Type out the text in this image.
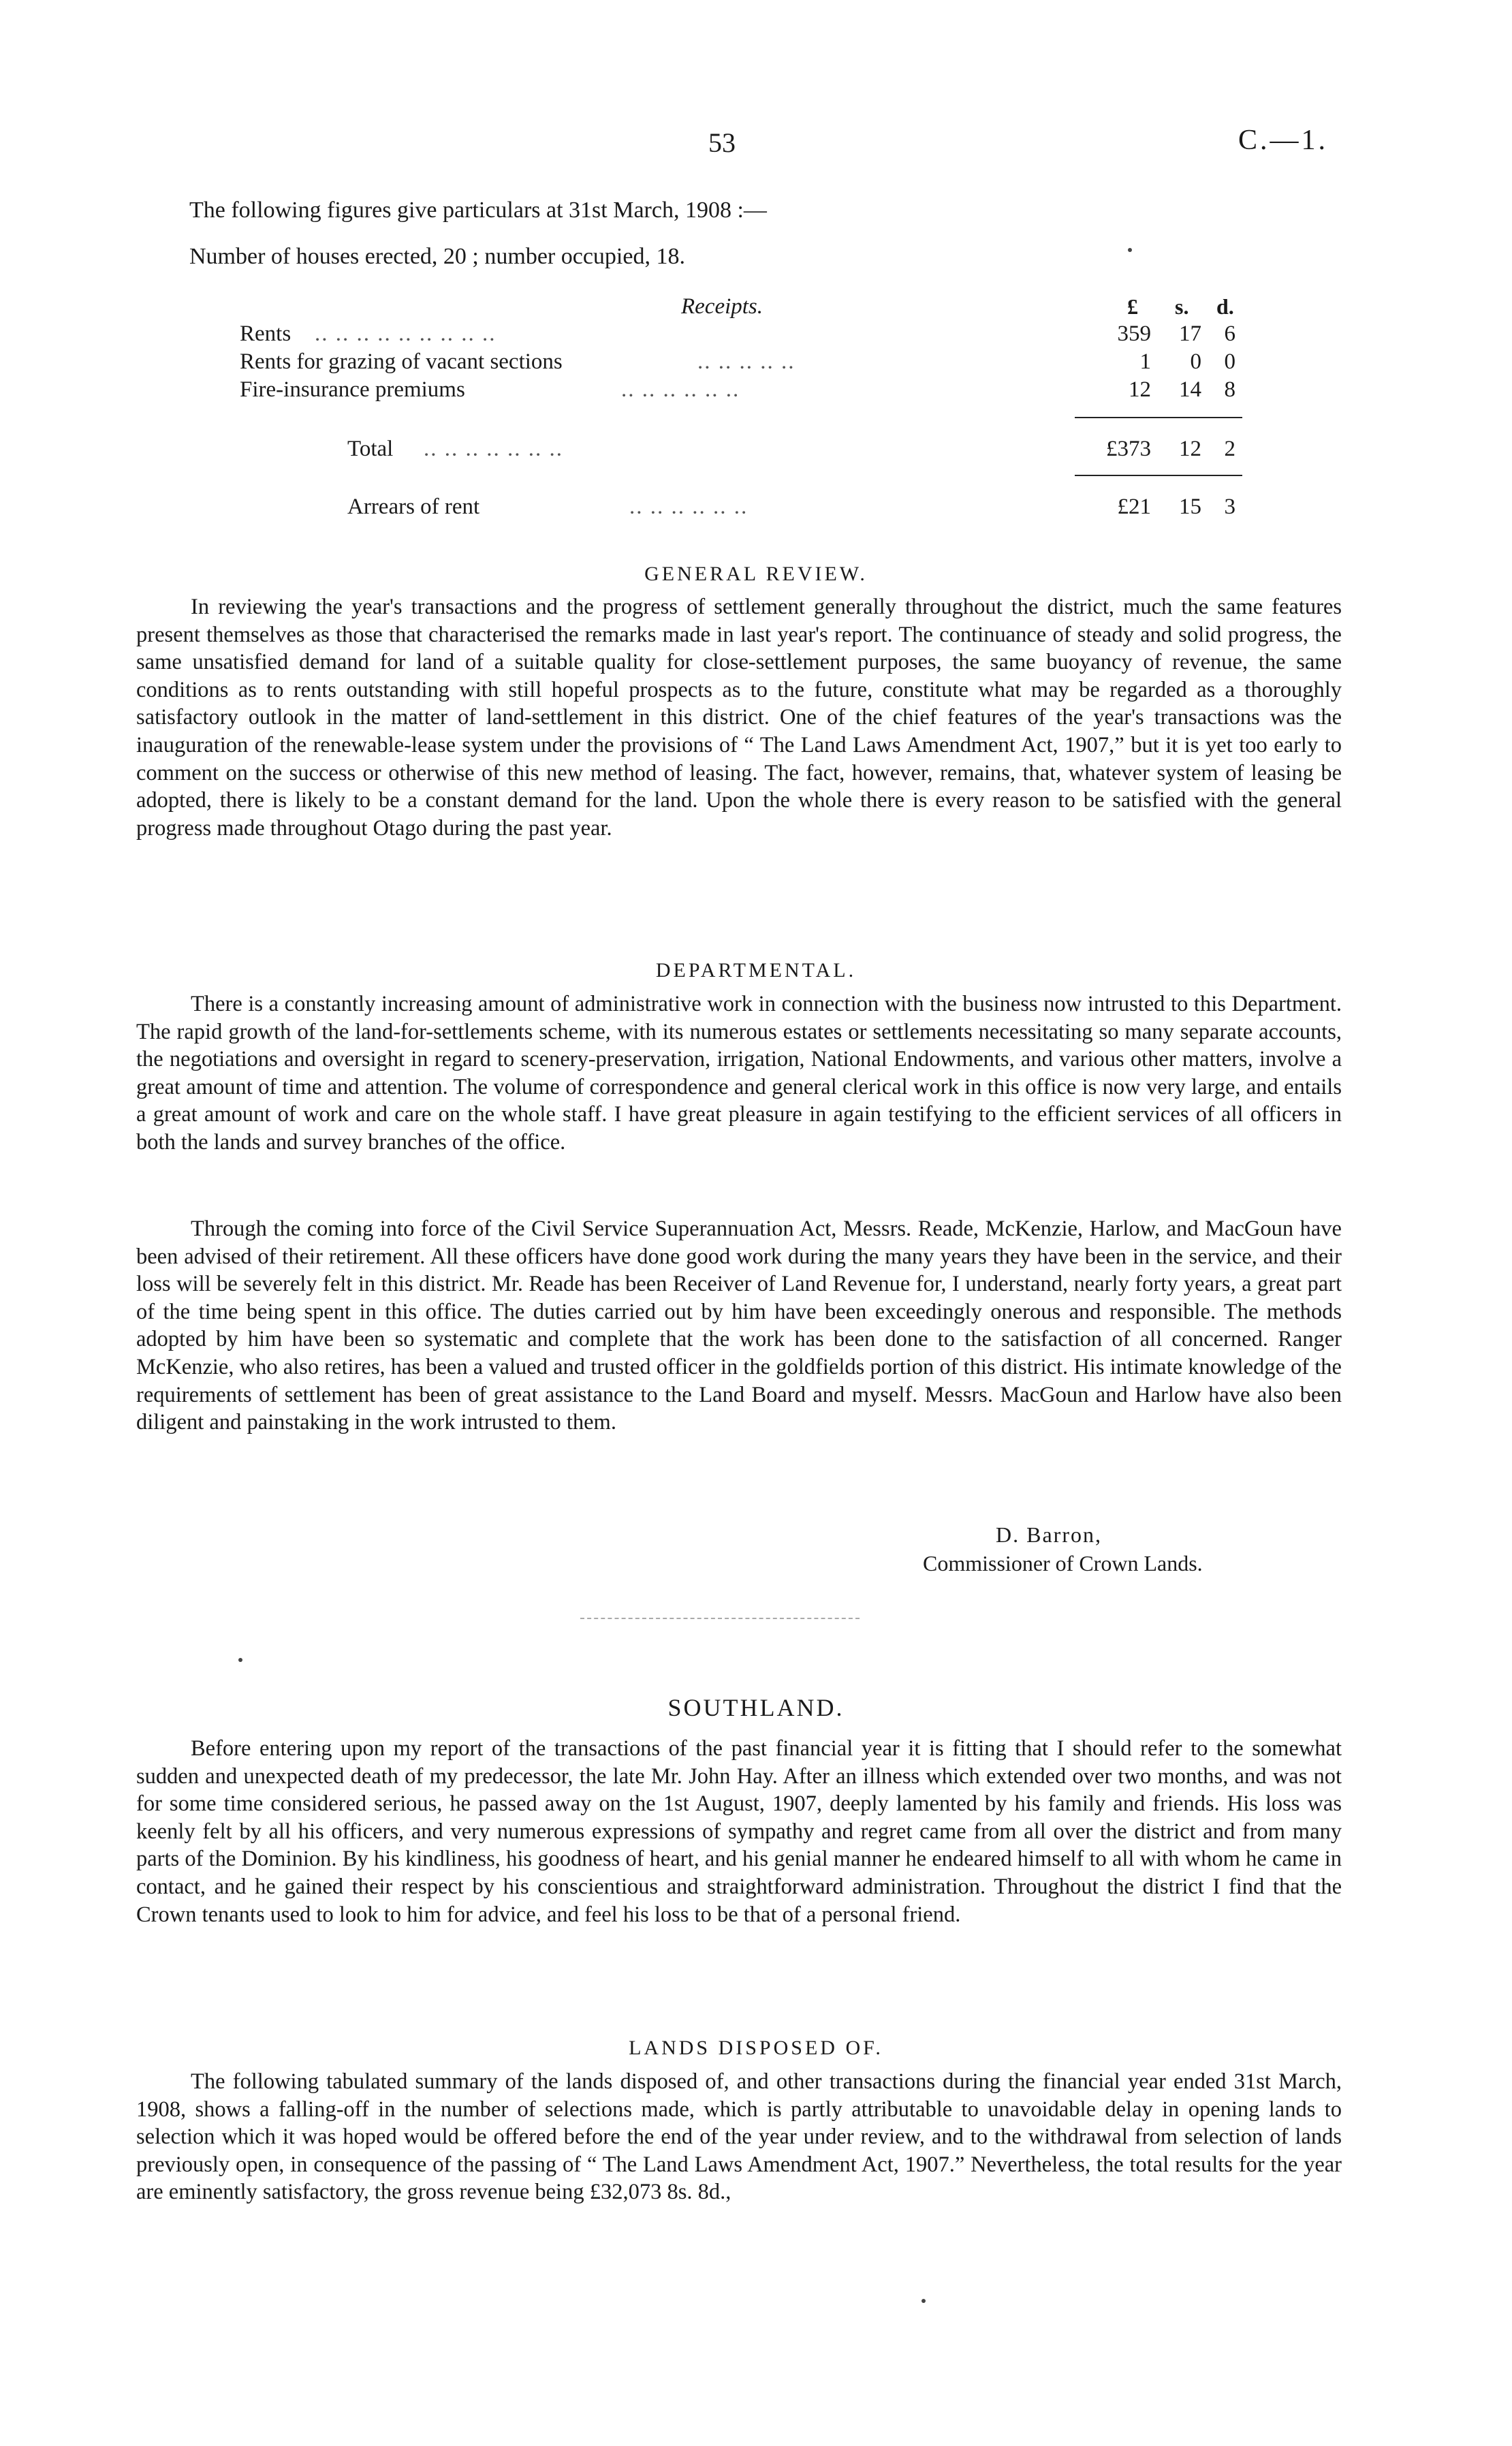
53	C.—1.
The following figures give particulars at 31st March, 1908 :—
Number of houses erected, 20 ; number occupied, 18.
Receipts.	£ s. d.
Rents .. .. .. .. .. .. .. .. ..	359	17	6
Rents for grazing of vacant sections	.. .. .. .. ..	1	0	0
Fire-insurance premiums	.. .. .. .. .. ..	12	14	8
Total .. .. .. .. .. .. ..	£373	12	2
Arrears of rent	.. .. .. .. .. ..	£21	15	3
GENERAL REVIEW.

In reviewing the year's transactions and the progress of settlement generally throughout the district, much the same features present themselves as those that characterised the remarks made in last year's report. The continuance of steady and solid progress, the same unsatisfied demand for land of a suitable quality for close-settlement purposes, the same buoyancy of revenue, the same conditions as to rents outstanding with still hopeful prospects as to the future, constitute what may be regarded as a thoroughly satisfactory outlook in the matter of land-settlement in this district. One of the chief features of the year's transactions was the inauguration of the renewable-lease system under the provisions of “ The Land Laws Amendment Act, 1907,” but it is yet too early to comment on the success or otherwise of this new method of leasing. The fact, however, remains, that, whatever system of leasing be adopted, there is likely to be a constant demand for the land. Upon the whole there is every reason to be satisfied with the general progress made throughout Otago during the past year.

DEPARTMENTAL.

There is a constantly increasing amount of administrative work in connection with the business now intrusted to this Department. The rapid growth of the land-for-settlements scheme, with its numerous estates or settlements necessitating so many separate accounts, the negotiations and oversight in regard to scenery-preservation, irrigation, National Endowments, and various other matters, involve a great amount of time and attention. The volume of correspondence and general clerical work in this office is now very large, and entails a great amount of work and care on the whole staff. I have great pleasure in again testifying to the efficient services of all officers in both the lands and survey branches of the office.

Through the coming into force of the Civil Service Superannuation Act, Messrs. Reade, McKenzie, Harlow, and MacGoun have been advised of their retirement. All these officers have done good work during the many years they have been in the service, and their loss will be severely felt in this district. Mr. Reade has been Receiver of Land Revenue for, I understand, nearly forty years, a great part of the time being spent in this office. The duties carried out by him have been exceedingly onerous and responsible. The methods adopted by him have been so systematic and complete that the work has been done to the satisfaction of all concerned. Ranger McKenzie, who also retires, has been a valued and trusted officer in the goldfields portion of this district. His intimate knowledge of the requirements of settlement has been of great assistance to the Land Board and myself. Messrs. MacGoun and Harlow have also been diligent and painstaking in the work intrusted to them.

D. Barron,
Commissioner of Crown Lands.
SOUTHLAND.

Before entering upon my report of the transactions of the past financial year it is fitting that I should refer to the somewhat sudden and unexpected death of my predecessor, the late Mr. John Hay. After an illness which extended over two months, and was not for some time considered serious, he passed away on the 1st August, 1907, deeply lamented by his family and friends. His loss was keenly felt by all his officers, and very numerous expressions of sympathy and regret came from all over the district and from many parts of the Dominion. By his kindliness, his goodness of heart, and his genial manner he endeared himself to all with whom he came in contact, and he gained their respect by his conscientious and straightforward administration. Throughout the district I find that the Crown tenants used to look to him for advice, and feel his loss to be that of a personal friend.

LANDS DISPOSED OF.

The following tabulated summary of the lands disposed of, and other transactions during the financial year ended 31st March, 1908, shows a falling-off in the number of selections made, which is partly attributable to unavoidable delay in opening lands to selection which it was hoped would be offered before the end of the year under review, and to the withdrawal from selection of lands previously open, in consequence of the passing of “ The Land Laws Amendment Act, 1907.” Nevertheless, the total results for the year are eminently satisfactory, the gross revenue being £32,073 8s. 8d.,
